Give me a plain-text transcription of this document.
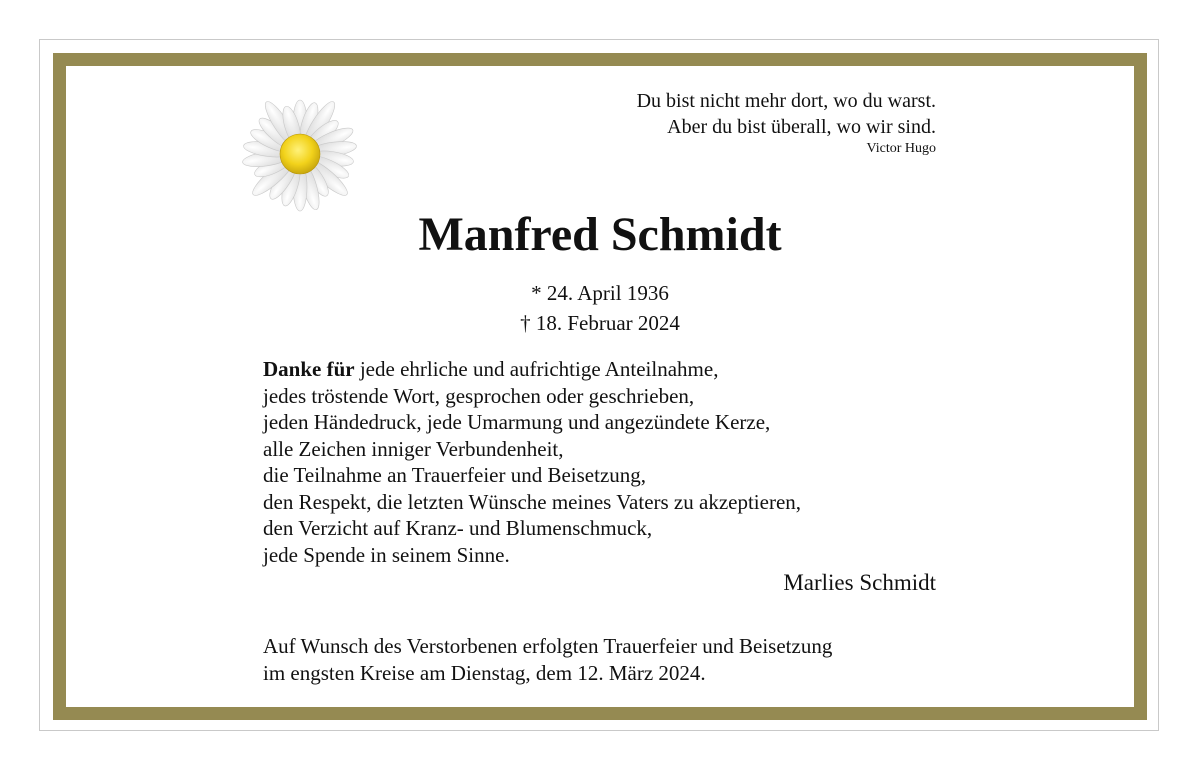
Du bist nicht mehr dort, wo du warst.
Aber du bist überall, wo wir sind.
Victor Hugo
Manfred Schmidt
* 24. April 1936
† 18. Februar 2024
Danke für jede ehrliche und aufrichtige Anteilnahme,
jedes tröstende Wort, gesprochen oder geschrieben,
jeden Händedruck, jede Umarmung und angezündete Kerze,
alle Zeichen inniger Verbundenheit,
die Teilnahme an Trauerfeier und Beisetzung,
den Respekt, die letzten Wünsche meines Vaters zu akzeptieren,
den Verzicht auf Kranz- und Blumenschmuck,
jede Spende in seinem Sinne.
Marlies Schmidt
Auf Wunsch des Verstorbenen erfolgten Trauerfeier und Beisetzung
im engsten Kreise am Dienstag, dem 12. März 2024.
